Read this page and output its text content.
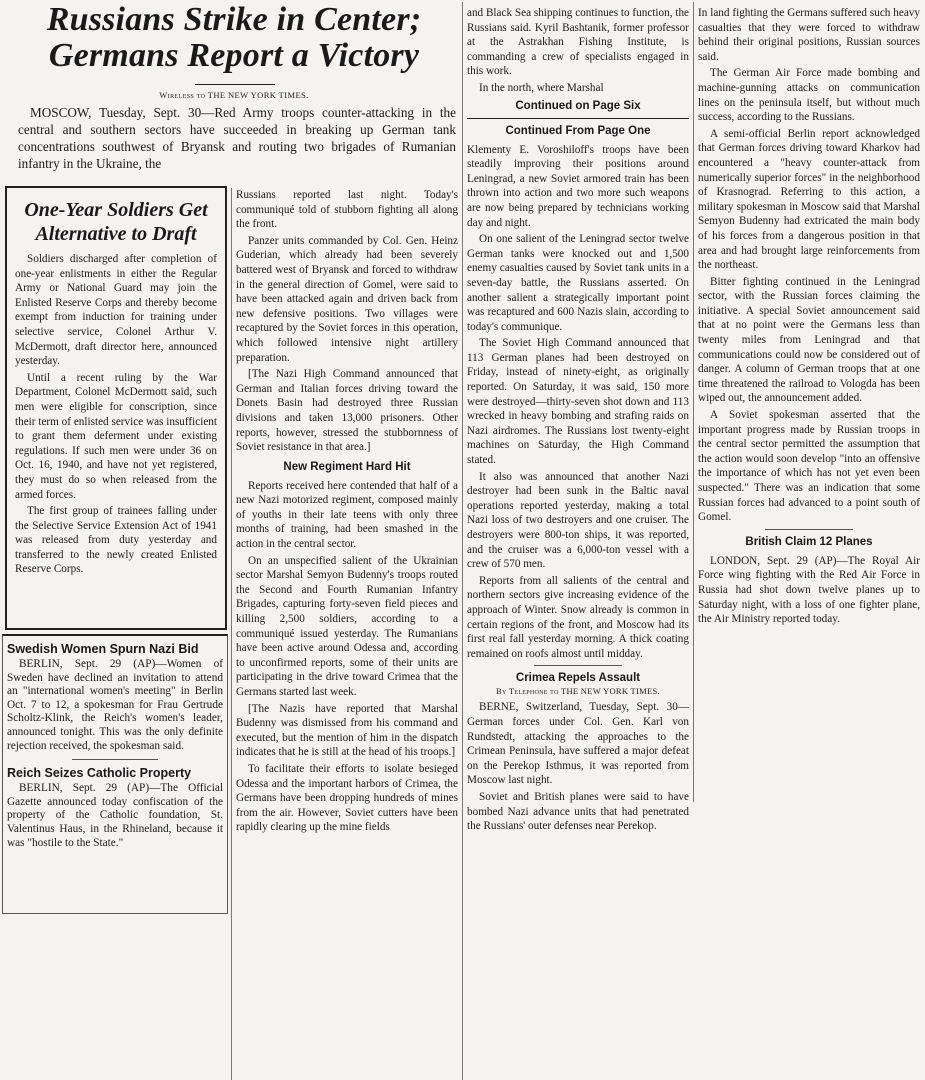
Russians Strike in Center;
Germans Report a Victory
Wireless to THE NEW YORK TIMES.

MOSCOW, Tuesday, Sept. 30—Red Army troops counter-attacking in the central and southern sectors have succeeded in breaking up German tank concentrations southwest of Bryansk and routing two brigades of Rumanian infantry in the Ukraine, the

One-Year Soldiers Get
Alternative to Draft

Soldiers discharged after completion of one-year enlistments in either the Regular Army or National Guard may join the Enlisted Reserve Corps and thereby become exempt from induction for training under selective service, Colonel Arthur V. McDermott, draft director here, announced yesterday.

Until a recent ruling by the War Department, Colonel McDermott said, such men were eligible for conscription, since their term of enlisted service was insufficient to grant them deferment under existing regulations. If such men were under 36 on Oct. 16, 1940, and have not yet registered, they must do so when released from the armed forces.

The first group of trainees falling under the Selective Service Extension Act of 1941 was released from duty yesterday and transferred to the newly created Enlisted Reserve Corps.

Swedish Women Spurn Nazi Bid

BERLIN, Sept. 29 (AP)—Women of Sweden have declined an invitation to attend an "international women's meeting" in Berlin Oct. 7 to 12, a spokesman for Frau Gertrude Scholtz-Klink, the Reich's women's leader, announced tonight. This was the only definite rejection received, the spokesman said.

Reich Seizes Catholic Property

BERLIN, Sept. 29 (AP)—The Official Gazette announced today confiscation of the property of the Catholic foundation, St. Valentinus Haus, in the Rhineland, because it was "hostile to the State."

Russians reported last night. Today's communiqué told of stubborn fighting all along the front.

Panzer units commanded by Col. Gen. Heinz Guderian, which already had been severely battered west of Bryansk and forced to withdraw in the general direction of Gomel, were said to have been attacked again and driven back from new defensive positions. Two villages were recaptured by the Soviet forces in this operation, which followed intensive night artillery preparation.

[The Nazi High Command announced that German and Italian forces driving toward the Donets Basin had destroyed three Russian divisions and taken 13,000 prisoners. Other reports, however, stressed the stubbornness of Soviet resistance in that area.]

New Regiment Hard Hit

Reports received here contended that half of a new Nazi motorized regiment, composed mainly of youths in their late teens with only three months of training, had been smashed in the action in the central sector.

On an unspecified salient of the Ukrainian sector Marshal Semyon Budenny's troops routed the Second and Fourth Rumanian Infantry Brigades, capturing forty-seven field pieces and killing 2,500 soldiers, according to a communiqué issued yesterday. The Rumanians have been active around Odessa and, according to unconfirmed reports, some of their units are participating in the drive toward Crimea that the Germans started last week.

[The Nazis have reported that Marshal Budenny was dismissed from his command and executed, but the mention of him in the dispatch indicates that he is still at the head of his troops.]

To facilitate their efforts to isolate besieged Odessa and the important harbors of Crimea, the Germans have been dropping hundreds of mines from the air. However, Soviet cutters have been rapidly clearing up the mine fields

and Black Sea shipping continues to function, the Russians said. Kyril Bashtanik, former professor at the Astrakhan Fishing Institute, is commanding a crew of specialists engaged in this work.

In the north, where Marshal

Continued on Page Six
Continued From Page One

Klementy E. Voroshiloff's troops have been steadily improving their positions around Leningrad, a new Soviet armored train has been thrown into action and two more such weapons are now being prepared by technicians working day and night.

On one salient of the Leningrad sector twelve German tanks were knocked out and 1,500 enemy casualties caused by Soviet tank units in a seven-day battle, the Russians asserted. On another salient a strategically important point was recaptured and 600 Nazis slain, according to today's communique.

The Soviet High Command announced that 113 German planes had been destroyed on Friday, instead of ninety-eight, as originally reported. On Saturday, it was said, 150 more were destroyed—thirty-seven shot down and 113 wrecked in heavy bombing and strafing raids on Nazi airdromes. The Russians lost twenty-eight machines on Saturday, the High Command stated.

It also was announced that another Nazi destroyer had been sunk in the Baltic naval operations reported yesterday, making a total Nazi loss of two destroyers and one cruiser. The destroyers were 800-ton ships, it was reported, and the cruiser was a 6,000-ton vessel with a crew of 570 men.

Reports from all salients of the central and northern sectors give increasing evidence of the approach of Winter. Snow already is common in certain regions of the front, and Moscow had its first real fall yesterday morning. A thick coating remained on roofs almost until midday.

Crimea Repels Assault
By Telephone to THE NEW YORK TIMES.

BERNE, Switzerland, Tuesday, Sept. 30—German forces under Col. Gen. Karl von Rundstedt, attacking the approaches to the Crimean Peninsula, have suffered a major defeat on the Perekop Isthmus, it was reported from Moscow last night.

Soviet and British planes were said to have bombed Nazi advance units that had penetrated the Russians' outer defenses near Perekop.

In land fighting the Germans suffered such heavy casualties that they were forced to withdraw behind their original positions, Russian sources said.

The German Air Force made bombing and machine-gunning attacks on communication lines on the peninsula itself, but without much success, according to the Russians.

A semi-official Berlin report acknowledged that German forces driving toward Kharkov had encountered a "heavy counter-attack from numerically superior forces" in the neighborhood of Krasnograd. Referring to this action, a military spokesman in Moscow said that Marshal Semyon Budenny had extricated the main body of his forces from a dangerous position in that area and had brought large reinforcements from the northeast.

Bitter fighting continued in the Leningrad sector, with the Russian forces claiming the initiative. A special Soviet announcement said that at no point were the Germans less than twenty miles from Leningrad and that communications could now be considered out of danger. A column of German troops that at one time threatened the railroad to Vologda has been wiped out, the announcement added.

A Soviet spokesman asserted that the important progress made by Russian troops in the central sector permitted the assumption that the action would soon develop "into an offensive the importance of which has not yet even been suspected." There was an indication that some Russian forces had advanced to a point south of Gomel.

British Claim 12 Planes

LONDON, Sept. 29 (AP)—The Royal Air Force wing fighting with the Red Air Force in Russia had shot down twelve planes up to Saturday night, with a loss of one fighter plane, the Air Ministry reported today.
